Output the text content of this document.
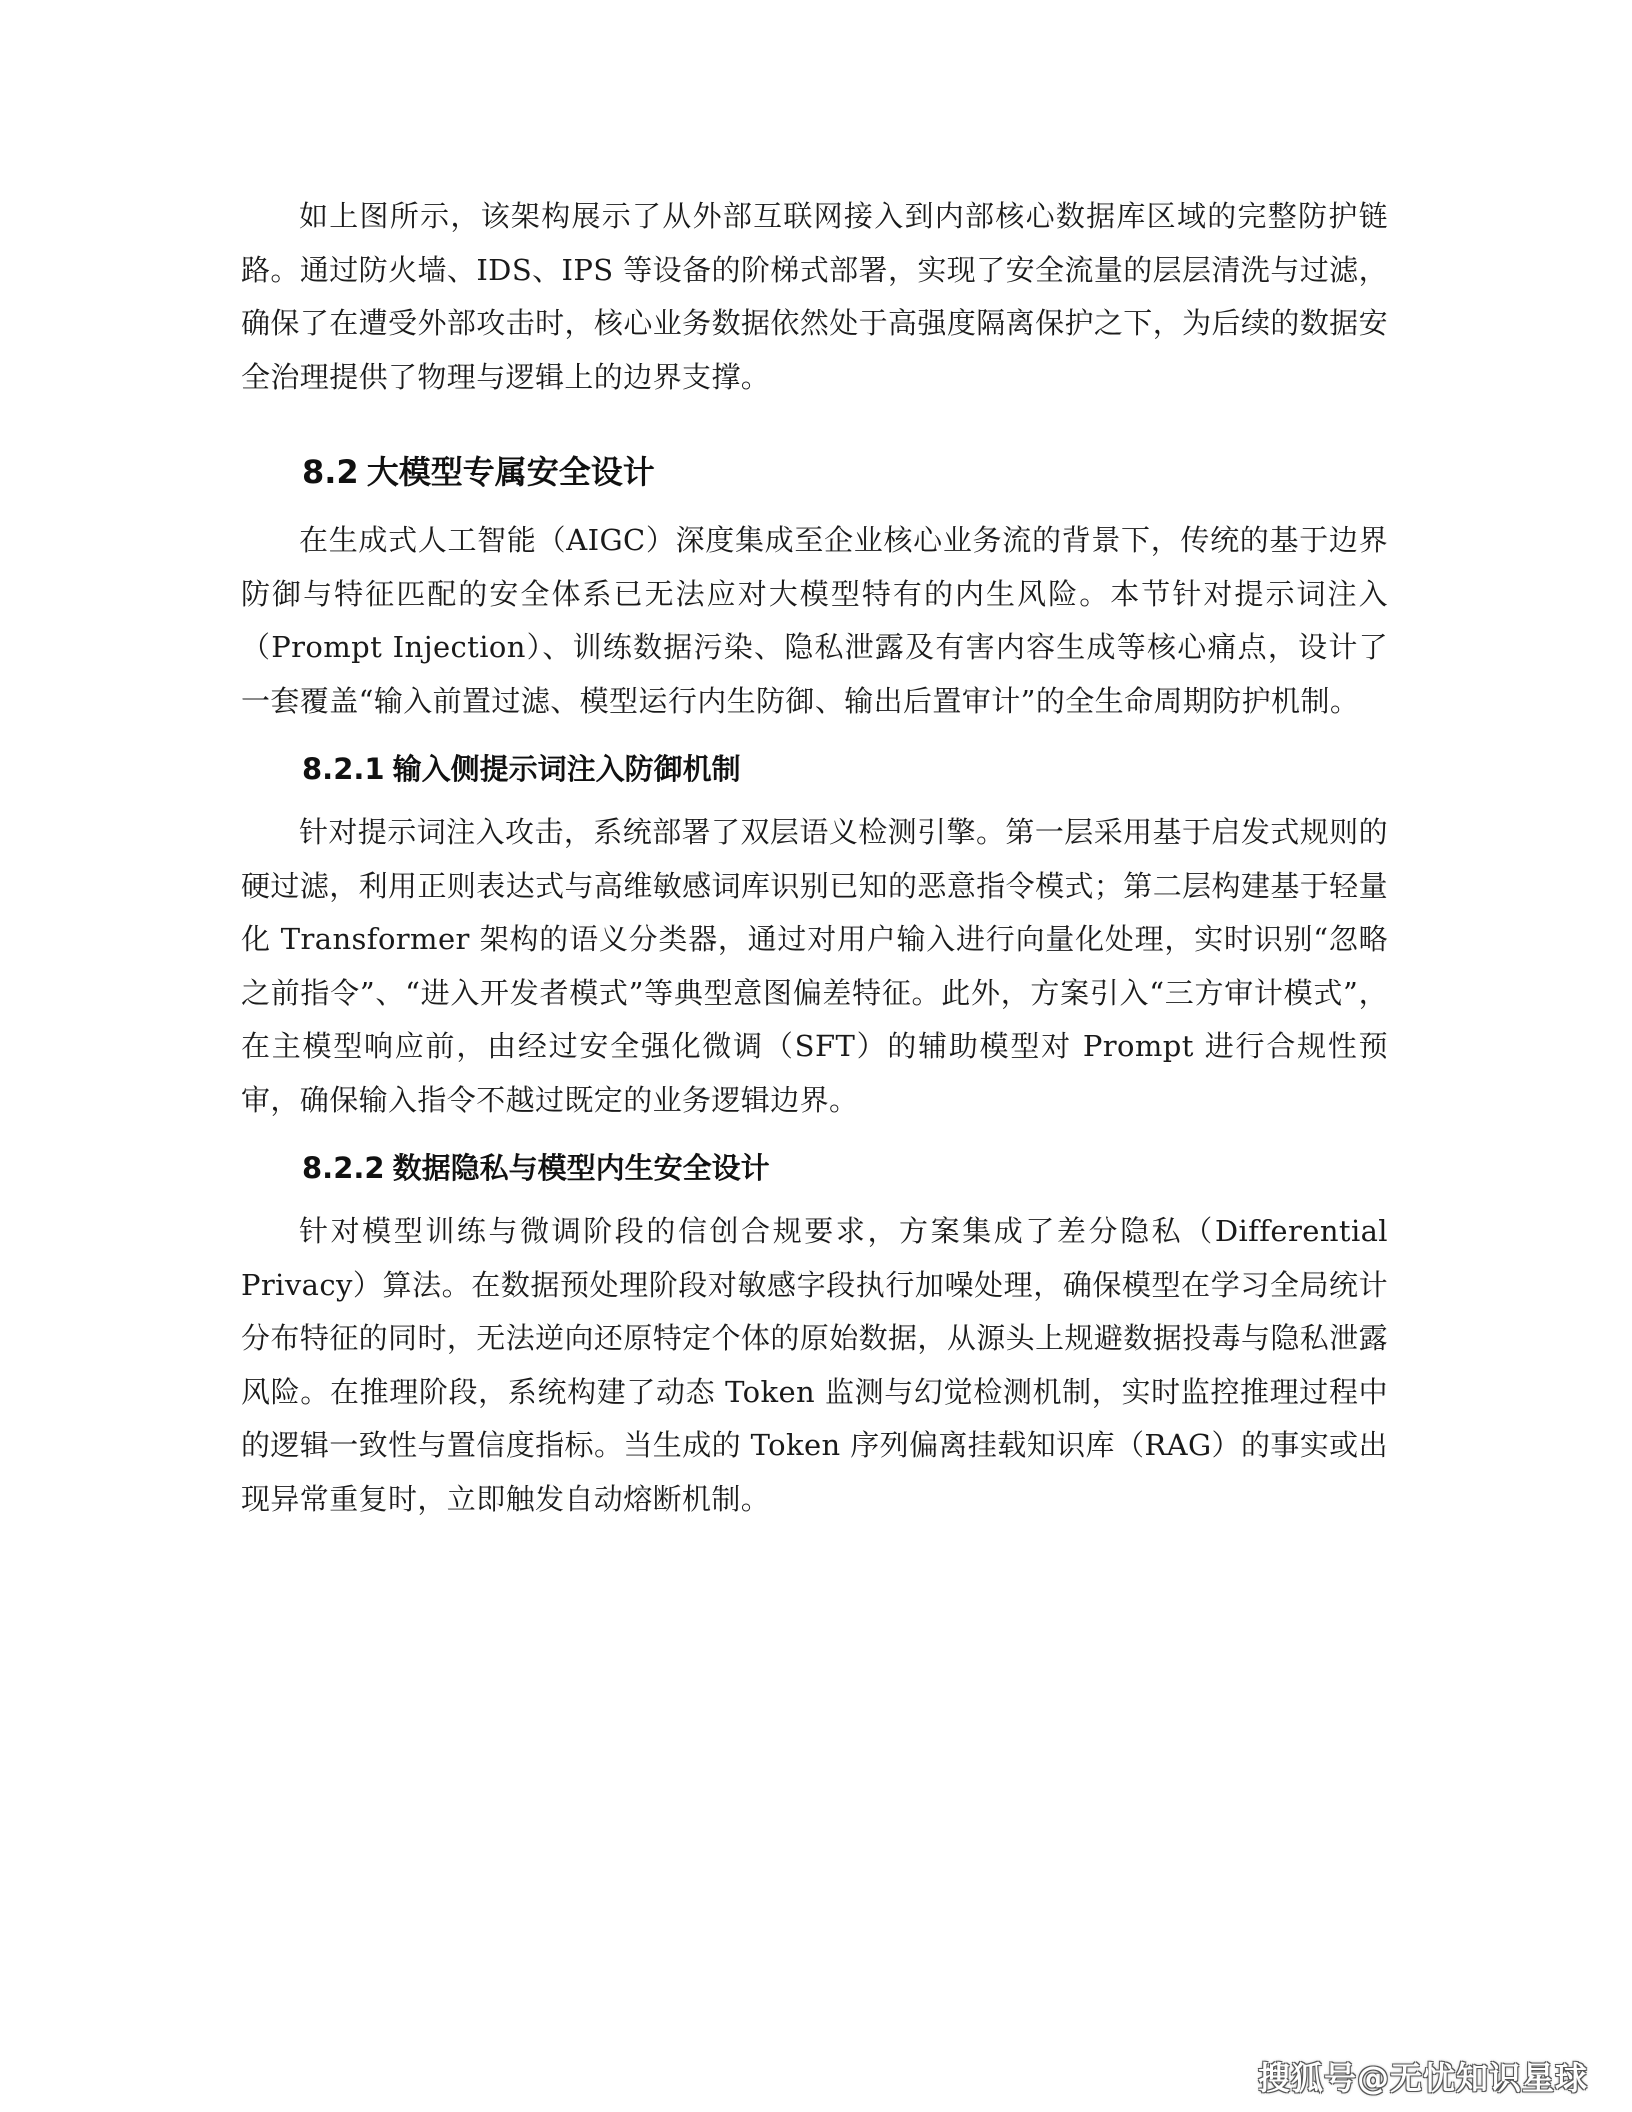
如上图所示，该架构展示了从外部互联网接入到内部核心数据库区域的完整防护链路。通过防火墙、IDS、IPS 等设备的阶梯式部署，实现了安全流量的层层清洗与过滤，确保了在遭受外部攻击时，核心业务数据依然处于高强度隔离保护之下，为后续的数据安全治理提供了物理与逻辑上的边界支撑。

8.2 大模型专属安全设计

在生成式人工智能（AIGC）深度集成至企业核心业务流的背景下，传统的基于边界防御与特征匹配的安全体系已无法应对大模型特有的内生风险。本节针对提示词注入（Prompt Injection）、训练数据污染、隐私泄露及有害内容生成等核心痛点，设计了一套覆盖“输入前置过滤、模型运行内生防御、输出后置审计”的全生命周期防护机制。

8.2.1 输入侧提示词注入防御机制

针对提示词注入攻击，系统部署了双层语义检测引擎。第一层采用基于启发式规则的硬过滤，利用正则表达式与高维敏感词库识别已知的恶意指令模式；第二层构建基于轻量化 Transformer 架构的语义分类器，通过对用户输入进行向量化处理，实时识别“忽略之前指令”、“进入开发者模式”等典型意图偏差特征。此外，方案引入“三方审计模式”，在主模型响应前，由经过安全强化微调（SFT）的辅助模型对 Prompt 进行合规性预审，确保输入指令不越过既定的业务逻辑边界。

8.2.2 数据隐私与模型内生安全设计

针对模型训练与微调阶段的信创合规要求，方案集成了差分隐私（Differential Privacy）算法。在数据预处理阶段对敏感字段执行加噪处理，确保模型在学习全局统计分布特征的同时，无法逆向还原特定个体的原始数据，从源头上规避数据投毒与隐私泄露风险。在推理阶段，系统构建了动态 Token 监测与幻觉检测机制，实时监控推理过程中的逻辑一致性与置信度指标。当生成的 Token 序列偏离挂载知识库（RAG）的事实或出现异常重复时，立即触发自动熔断机制。

搜狐号@无忧知识星球
